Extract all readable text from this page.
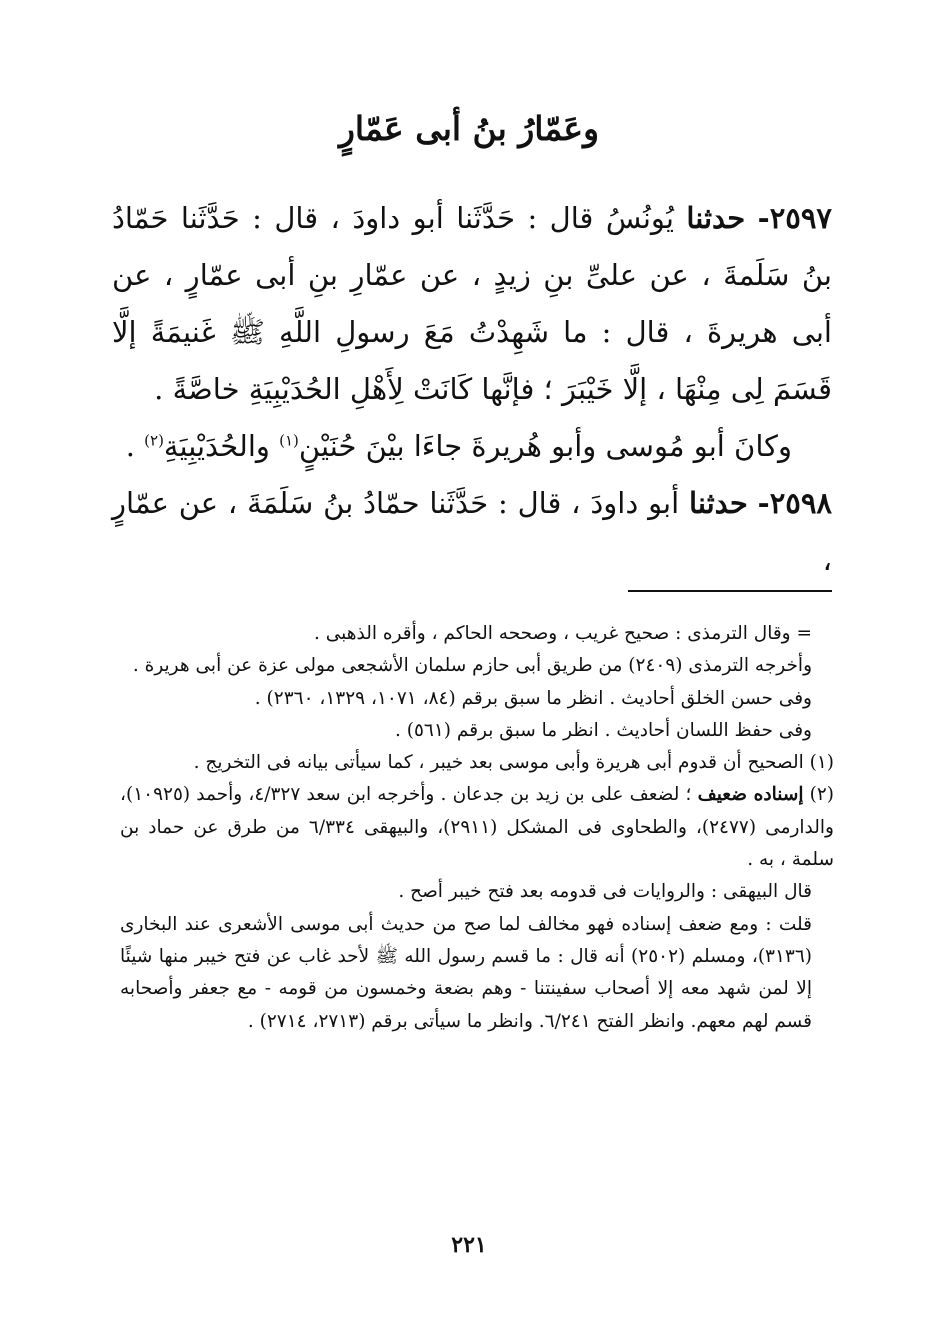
وعَمّارُ بنُ أبى عَمّارٍ

٢٥٩٧- حدثنا يُونُسُ قال : حَدَّثَنا أبو داودَ ، قال : حَدَّثَنا حَمّادُ بنُ سَلَمةَ ، عن علىِّ بنِ زيدٍ ، عن عمّارِ بنِ أبى عمّارٍ ، عن أبى هريرةَ ، قال : ما شَهِدْتُ مَعَ رسولِ اللَّهِ ﷺ غَنيمَةً إلَّا قَسَمَ لِى مِنْهَا ، إلَّا خَيْبَرَ ؛ فإنَّها كَانَتْ لِأَهْلِ الحُدَيْبِيَةِ خاصَّةً .

وكانَ أبو مُوسى وأبو هُريرةَ جاءَا بيْنَ حُنَيْنٍ$^{(١)}$ والحُدَيْبِيَةِ$^{(٢)}$ .

٢٥٩٨- حدثنا أبو داودَ ، قال : حَدَّثَنا حمّادُ بنُ سَلَمَةَ ، عن عمّارٍ ،

= وقال الترمذى : صحيح غريب ، وصححه الحاكم ، وأقره الذهبى .

وأخرجه الترمذى (٢٤٠٩) من طريق أبى حازم سلمان الأشجعى مولى عزة عن أبى هريرة .

وفى حسن الخلق أحاديث . انظر ما سبق برقم (٨٤، ١٠٧١، ١٣٢٩، ٢٣٦٠) .

وفى حفظ اللسان أحاديث . انظر ما سبق برقم (٥٦١) .

(١) الصحيح أن قدوم أبى هريرة وأبى موسى بعد خيبر ، كما سيأتى بيانه فى التخريج .

(٢) إسناده ضعيف ؛ لضعف على بن زيد بن جدعان . وأخرجه ابن سعد ٤/٣٢٧، وأحمد (١٠٩٢٥)، والدارمى (٢٤٧٧)، والطحاوى فى المشكل (٢٩١١)، والبيهقى ٦/٣٣٤ من طرق عن حماد بن سلمة ، به .

قال البيهقى : والروايات فى قدومه بعد فتح خيبر أصح .

قلت : ومع ضعف إسناده فهو مخالف لما صح من حديث أبى موسى الأشعرى عند البخارى (٣١٣٦)، ومسلم (٢٥٠٢) أنه قال : ما قسم رسول الله ﷺ لأحد غاب عن فتح خيبر منها شيئًا إلا لمن شهد معه إلا أصحاب سفينتنا - وهم بضعة وخمسون من قومه - مع جعفر وأصحابه قسم لهم معهم. وانظر الفتح ٦/٢٤١. وانظر ما سيأتى برقم (٢٧١٣، ٢٧١٤) .

٢٢١
